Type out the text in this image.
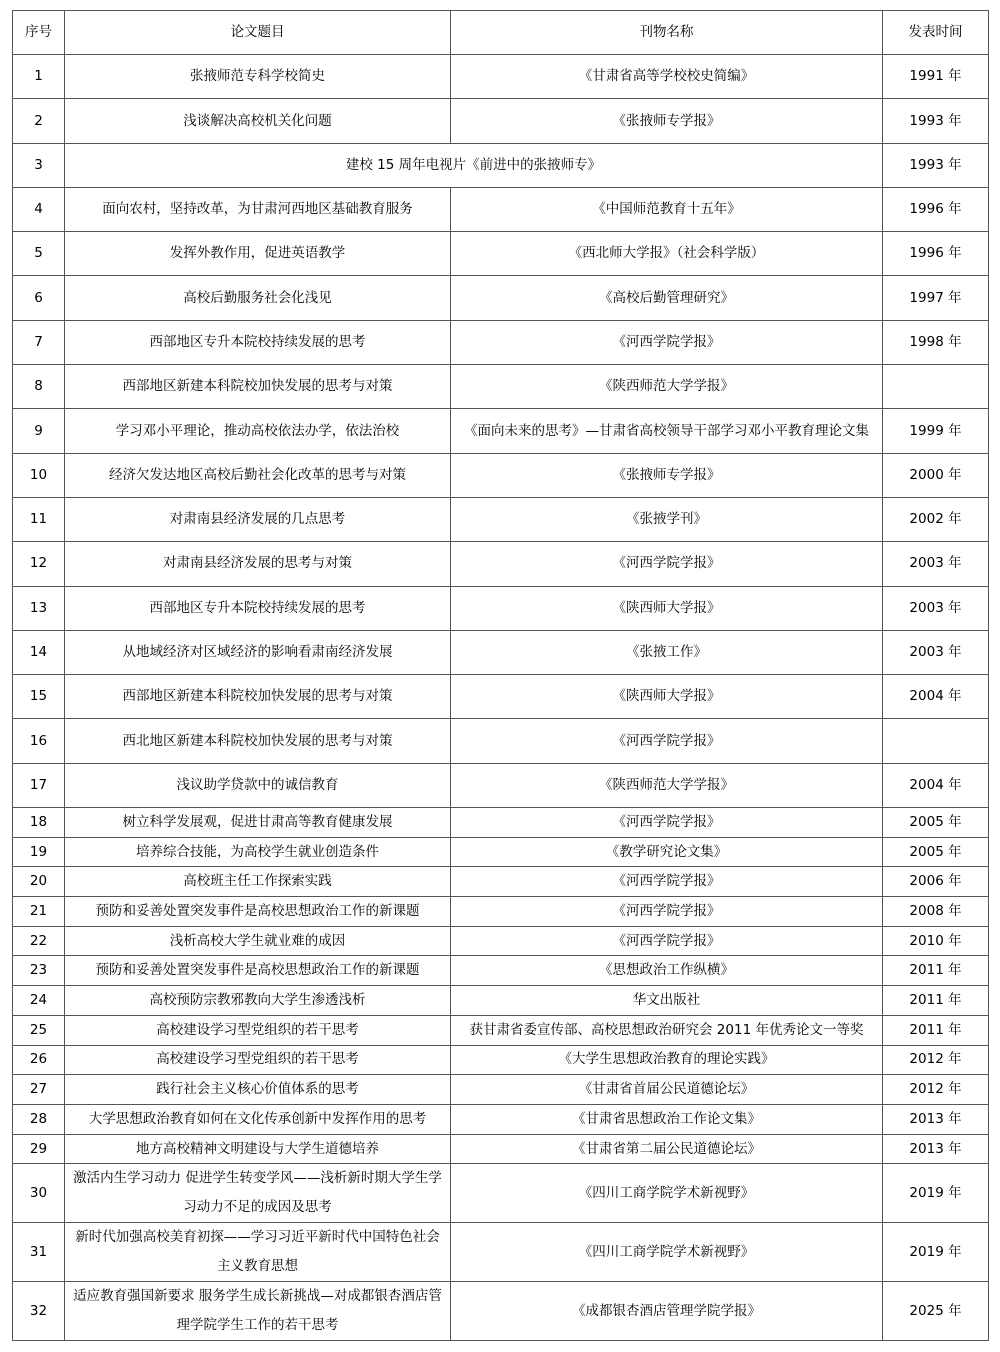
序号	论文题目	刊物名称	发表时间
1	张掖师范专科学校简史	《甘肃省高等学校校史简编》	1991 年
2	浅谈解决高校机关化问题	《张掖师专学报》	1993 年
3	建校 15 周年电视片《前进中的张掖师专》		1993 年
4	面向农村，坚持改革，为甘肃河西地区基础教育服务	《中国师范教育十五年》	1996 年
5	发挥外教作用，促进英语教学	《西北师大学报》（社会科学版）	1996 年
6	高校后勤服务社会化浅见	《高校后勤管理研究》	1997 年
7	西部地区专升本院校持续发展的思考	《河西学院学报》	1998 年
8	西部地区新建本科院校加快发展的思考与对策	《陕西师范大学学报》	
9	学习邓小平理论，推动高校依法办学，依法治校	《面向未来的思考》—甘肃省高校领导干部学习邓小平教育理论文集	1999 年
10	经济欠发达地区高校后勤社会化改革的思考与对策	《张掖师专学报》	2000 年
11	对肃南县经济发展的几点思考	《张掖学刊》	2002 年
12	对肃南县经济发展的思考与对策	《河西学院学报》	2003 年
13	西部地区专升本院校持续发展的思考	《陕西师大学报》	2003 年
14	从地域经济对区域经济的影响看肃南经济发展	《张掖工作》	2003 年
15	西部地区新建本科院校加快发展的思考与对策	《陕西师大学报》	2004 年
16	西北地区新建本科院校加快发展的思考与对策	《河西学院学报》	
17	浅议助学贷款中的诚信教育	《陕西师范大学学报》	2004 年
18	树立科学发展观，促进甘肃高等教育健康发展	《河西学院学报》	2005 年
19	培养综合技能，为高校学生就业创造条件	《教学研究论文集》	2005 年
20	高校班主任工作探索实践	《河西学院学报》	2006 年
21	预防和妥善处置突发事件是高校思想政治工作的新课题	《河西学院学报》	2008 年
22	浅析高校大学生就业难的成因	《河西学院学报》	2010 年
23	预防和妥善处置突发事件是高校思想政治工作的新课题	《思想政治工作纵横》	2011 年
24	高校预防宗教邪教向大学生渗透浅析	华文出版社	2011 年
25	高校建设学习型党组织的若干思考	获甘肃省委宣传部、高校思想政治研究会 2011 年优秀论文一等奖	2011 年
26	高校建设学习型党组织的若干思考	《大学生思想政治教育的理论实践》	2012 年
27	践行社会主义核心价值体系的思考	《甘肃省首届公民道德论坛》	2012 年
28	大学思想政治教育如何在文化传承创新中发挥作用的思考	《甘肃省思想政治工作论文集》	2013 年
29	地方高校精神文明建设与大学生道德培养	《甘肃省第二届公民道德论坛》	2013 年
30	激活内生学习动力 促进学生转变学风——浅析新时期大学生学习动力不足的成因及思考	《四川工商学院学术新视野》	2019 年
31	新时代加强高校美育初探——学习习近平新时代中国特色社会主义教育思想	《四川工商学院学术新视野》	2019 年
32	适应教育强国新要求 服务学生成长新挑战—对成都银杏酒店管理学院学生工作的若干思考	《成都银杏酒店管理学院学报》	2025 年
